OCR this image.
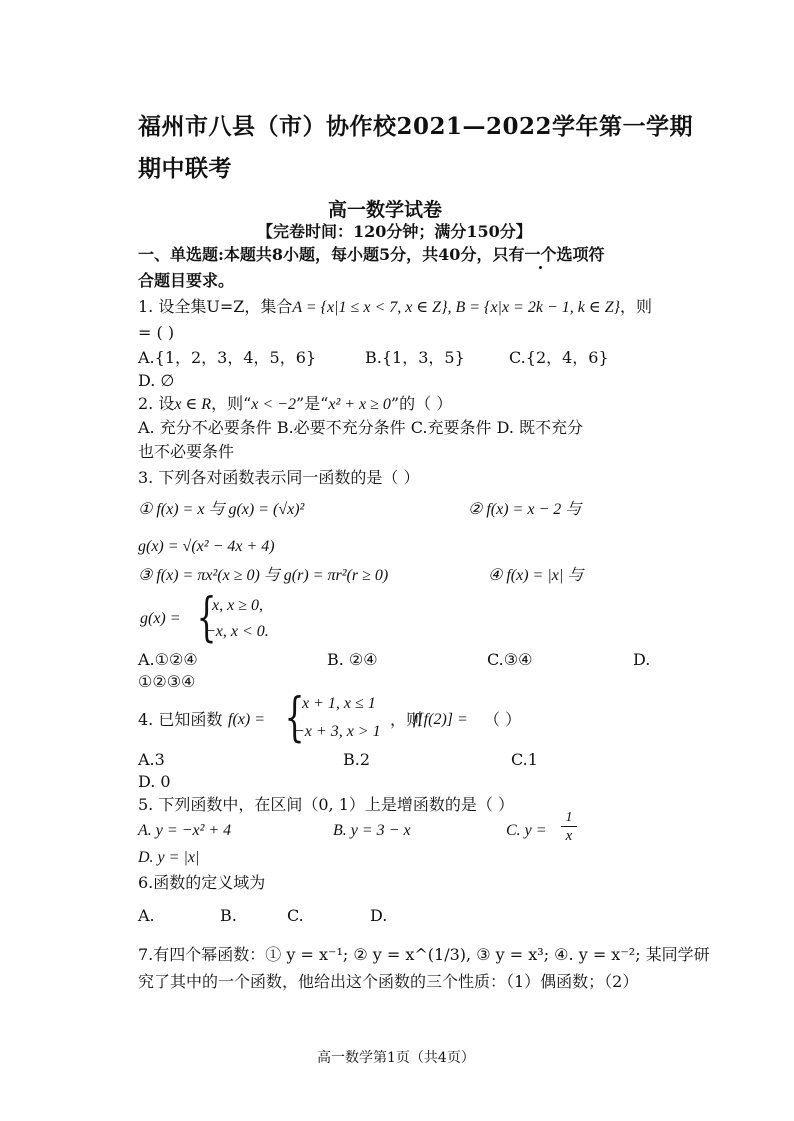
福州市八县（市）协作校2021—2022学年第一学期
期中联考
高一数学试卷
【完卷时间：120分钟；满分150分】
一、单选题:本题共8小题，每小题5分，共40分，只有一个选项符
合题目要求。
1. 设全集U=Z，集合A = {x|1 ≤ x < 7, x ∈ Z}, B = {x|x = 2k − 1, k ∈ Z}，则
= ( )
A.{1，2，3，4，5，6}	B.{1，3，5}	C.{2，4，6}
D. ∅
2. 设x ∈ R，则“x < −2”是“x² + x ≥ 0”的（ ）
A. 充分不必要条件 B.必要不充分条件 C.充要条件 D. 既不充分
也不必要条件
3. 下列各对函数表示同一函数的是（ ）
① f(x) = x 与 g(x) = (√x)²	② f(x) = x − 2 与
g(x) = √(x² − 4x + 4)
③ f(x) = πx²(x ≥ 0) 与 g(r) = πr²(r ≥ 0)	④ f(x) = |x| 与
g(x) = {
x, x ≥ 0,
−x, x < 0.
A.①②④	B. ②④	C.③④	D.
①②③④
4. 已知函数 f(x) = {
x + 1, x ≤ 1
−x + 3, x > 1
，则
f[f(2)] = （ ）
A.3	B.2	C.1
D. 0
5. 下列函数中，在区间（0, 1）上是增函数的是（ ）
A. y = −x² + 4	B. y = 3 − x	C. $y = \frac{1}{x}$
D. y = |x|
6.函数的定义域为
A.	B.	C.	D.
7.有四个幂函数：① y = x⁻¹; ② y = x^(1/3), ③ y = x³; ④. y = x⁻²; 某同学研
究了其中的一个函数，他给出这个函数的三个性质：（1）偶函数；（2）
高一数学第1页（共4页）
